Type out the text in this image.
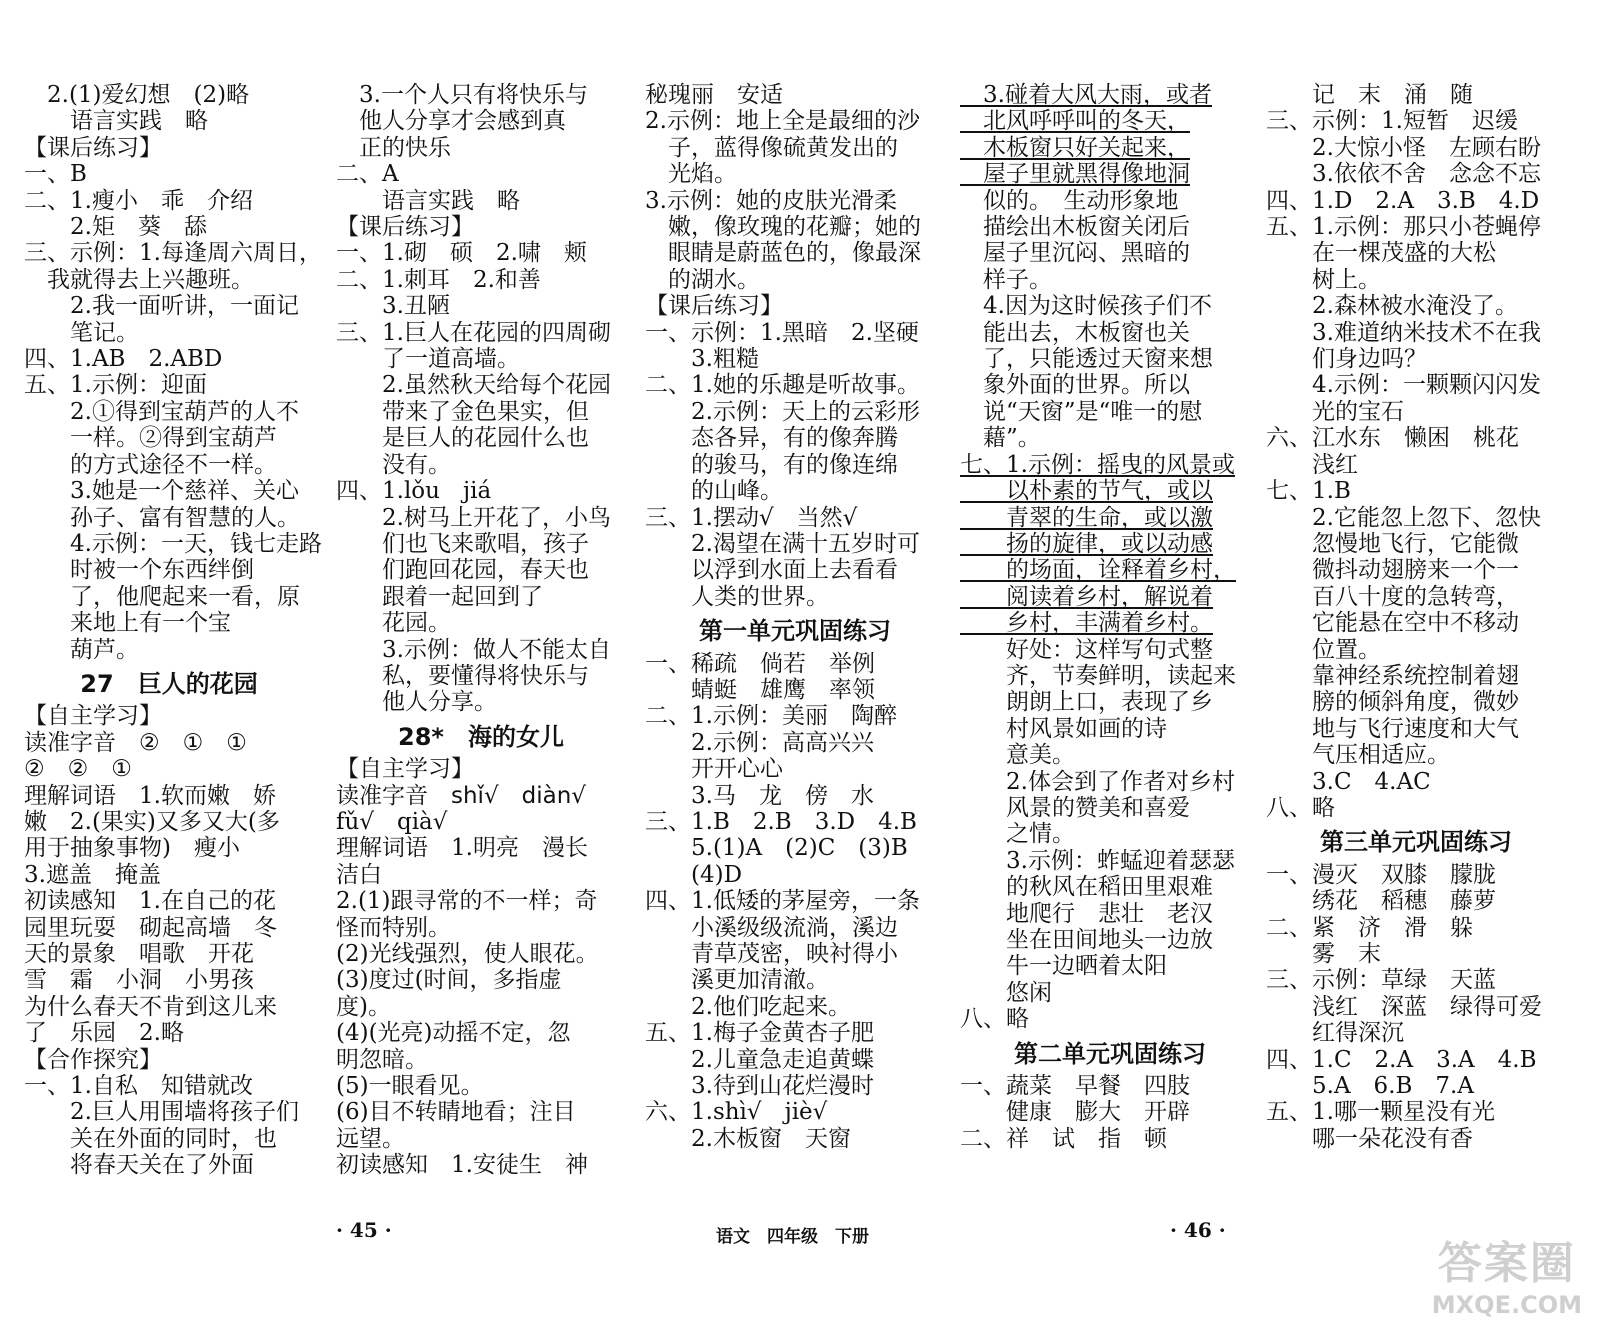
　2.(1)爱幻想　(2)略
　　语言实践　略
【课后练习】
一、B
二、1.瘦小　乖　介绍
　　2.矩　葵　舔
三、示例：1.每逢周六周日，
　我就得去上兴趣班。
　　2.我一面听讲，一面记
　　笔记。
四、1.AB　2.ABD
五、1.示例：迎面
　　2.①得到宝葫芦的人不
　　一样。②得到宝葫芦
　　的方式途径不一样。
　　3.她是一个慈祥、关心
　　孙子、富有智慧的人。
　　4.示例：一天，钱七走路
　　时被一个东西绊倒
　　了，他爬起来一看，原
　　来地上有一个宝
　　葫芦。
27　巨人的花园
【自主学习】
读准字音　②　①　①
②　②　①
理解词语　1.软而嫩　娇
嫩　2.(果实)又多又大(多
用于抽象事物)　瘦小
3.遮盖　掩盖
初读感知　1.在自己的花
园里玩耍　砌起高墙　冬
天的景象　唱歌　开花
雪　霜　小洞　小男孩
为什么春天不肯到这儿来
了　乐园　2.略
【合作探究】
一、1.自私　知错就改
　　2.巨人用围墙将孩子们
　　关在外面的同时，也
　　将春天关在了外面
　3.一个人只有将快乐与
　他人分享才会感到真
　正的快乐
二、A
　　语言实践　略
【课后练习】
一、1.砌　硕　2.啸　颊
二、1.刺耳　2.和善
　　3.丑陋
三、1.巨人在花园的四周砌
　　了一道高墙。
　　2.虽然秋天给每个花园
　　带来了金色果实，但
　　是巨人的花园什么也
　　没有。
四、1.lǒu　jiá
　　2.树马上开花了，小鸟
　　们也飞来歌唱，孩子
　　们跑回花园，春天也
　　跟着一起回到了
　　花园。
　　3.示例：做人不能太自
　　私，要懂得将快乐与
　　他人分享。
28*　海的女儿
【自主学习】
读准字音　shǐ√　diàn√
fǔ√　qià√
理解词语　1.明亮　漫长
洁白
2.(1)跟寻常的不一样；奇
怪而特别。
(2)光线强烈，使人眼花。
(3)度过(时间，多指虚
度)。
(4)(光亮)动摇不定，忽
明忽暗。
(5)一眼看见。
(6)目不转睛地看；注目
远望。
初读感知　1.安徒生　神
秘瑰丽　安适
2.示例：地上全是最细的沙
　子，蓝得像硫黄发出的
　光焰。
3.示例：她的皮肤光滑柔
　嫩，像玫瑰的花瓣；她的
　眼睛是蔚蓝色的，像最深
　的湖水。
【课后练习】
一、示例：1.黑暗　2.坚硬
　　3.粗糙
二、1.她的乐趣是听故事。
　　2.示例：天上的云彩形
　　态各异，有的像奔腾
　　的骏马，有的像连绵
　　的山峰。
三、1.摆动√　当然√
　　2.渴望在满十五岁时可
　　以浮到水面上去看看
　　人类的世界。
第一单元巩固练习
一、稀疏　倘若　举例
　　蜻蜓　雄鹰　率领
二、1.示例：美丽　陶醉
　　2.示例：高高兴兴
　　开开心心
　　3.马　龙　傍　水
三、1.B　2.B　3.D　4.B
　　5.(1)A　(2)C　(3)B
　　(4)D
四、1.低矮的茅屋旁，一条
　　小溪级级流淌，溪边
　　青草茂密，映衬得小
　　溪更加清澈。
　　2.他们吃起来。
五、1.梅子金黄杏子肥
　　2.儿童急走追黄蝶
　　3.待到山花烂漫时
六、1.shì√　jiè√
　　2.木板窗　天窗
　3.碰着大风大雨，或者
　北风呼呼叫的冬天，
　木板窗只好关起来，
　屋子里就黑得像地洞
　似的。　生动形象地
　描绘出木板窗关闭后
　屋子里沉闷、黑暗的
　样子。
　4.因为这时候孩子们不
　能出去，木板窗也关
　了，只能透过天窗来想
　象外面的世界。所以
　说“天窗”是“唯一的慰
　藉”。
七、1.示例：摇曳的风景或
　　以朴素的节气，或以
　　青翠的生命，或以激
　　扬的旋律，或以动感
　　的场面，诠释着乡村，
　　阅读着乡村，解说着
　　乡村，丰满着乡村。
　　好处：这样写句式整
　　齐，节奏鲜明，读起来
　　朗朗上口，表现了乡
　　村风景如画的诗
　　意美。
　　2.体会到了作者对乡村
　　风景的赞美和喜爱
　　之情。
　　3.示例：蚱蜢迎着瑟瑟
　　的秋风在稻田里艰难
　　地爬行　悲壮　老汉
　　坐在田间地头一边放
　　牛一边晒着太阳
　　悠闲
八、略
第二单元巩固练习
一、蔬菜　早餐　四肢
　　健康　膨大　开辟
二、祥　试　指　顿
　　记　末　涌　随
三、示例：1.短暂　迟缓
　　2.大惊小怪　左顾右盼
　　3.依依不舍　念念不忘
四、1.D　2.A　3.B　4.D
五、1.示例：那只小苍蝇停
　　在一棵茂盛的大松
　　树上。
　　2.森林被水淹没了。
　　3.难道纳米技术不在我
　　们身边吗？
　　4.示例：一颗颗闪闪发
　　光的宝石
六、江水东　懒困　桃花
　　浅红
七、1.B
　　2.它能忽上忽下、忽快
　　忽慢地飞行，它能微
　　微抖动翅膀来一个一
　　百八十度的急转弯，
　　它能悬在空中不移动
　　位置。
　　靠神经系统控制着翅
　　膀的倾斜角度，微妙
　　地与飞行速度和大气
　　气压相适应。
　　3.C　4.AC
八、略
第三单元巩固练习
一、漫灭　双膝　朦胧
　　绣花　稻穗　藤萝
二、紧　济　滑　躲
　　雾　末
三、示例：草绿　天蓝
　　浅红　深蓝　绿得可爱
　　红得深沉
四、1.C　2.A　3.A　4.B
　　5.A　6.B　7.A
五、1.哪一颗星没有光
　　哪一朵花没有香
· 45 ·	语文　四年级　下册	· 46 ·
答案圈
MXQE.COM
